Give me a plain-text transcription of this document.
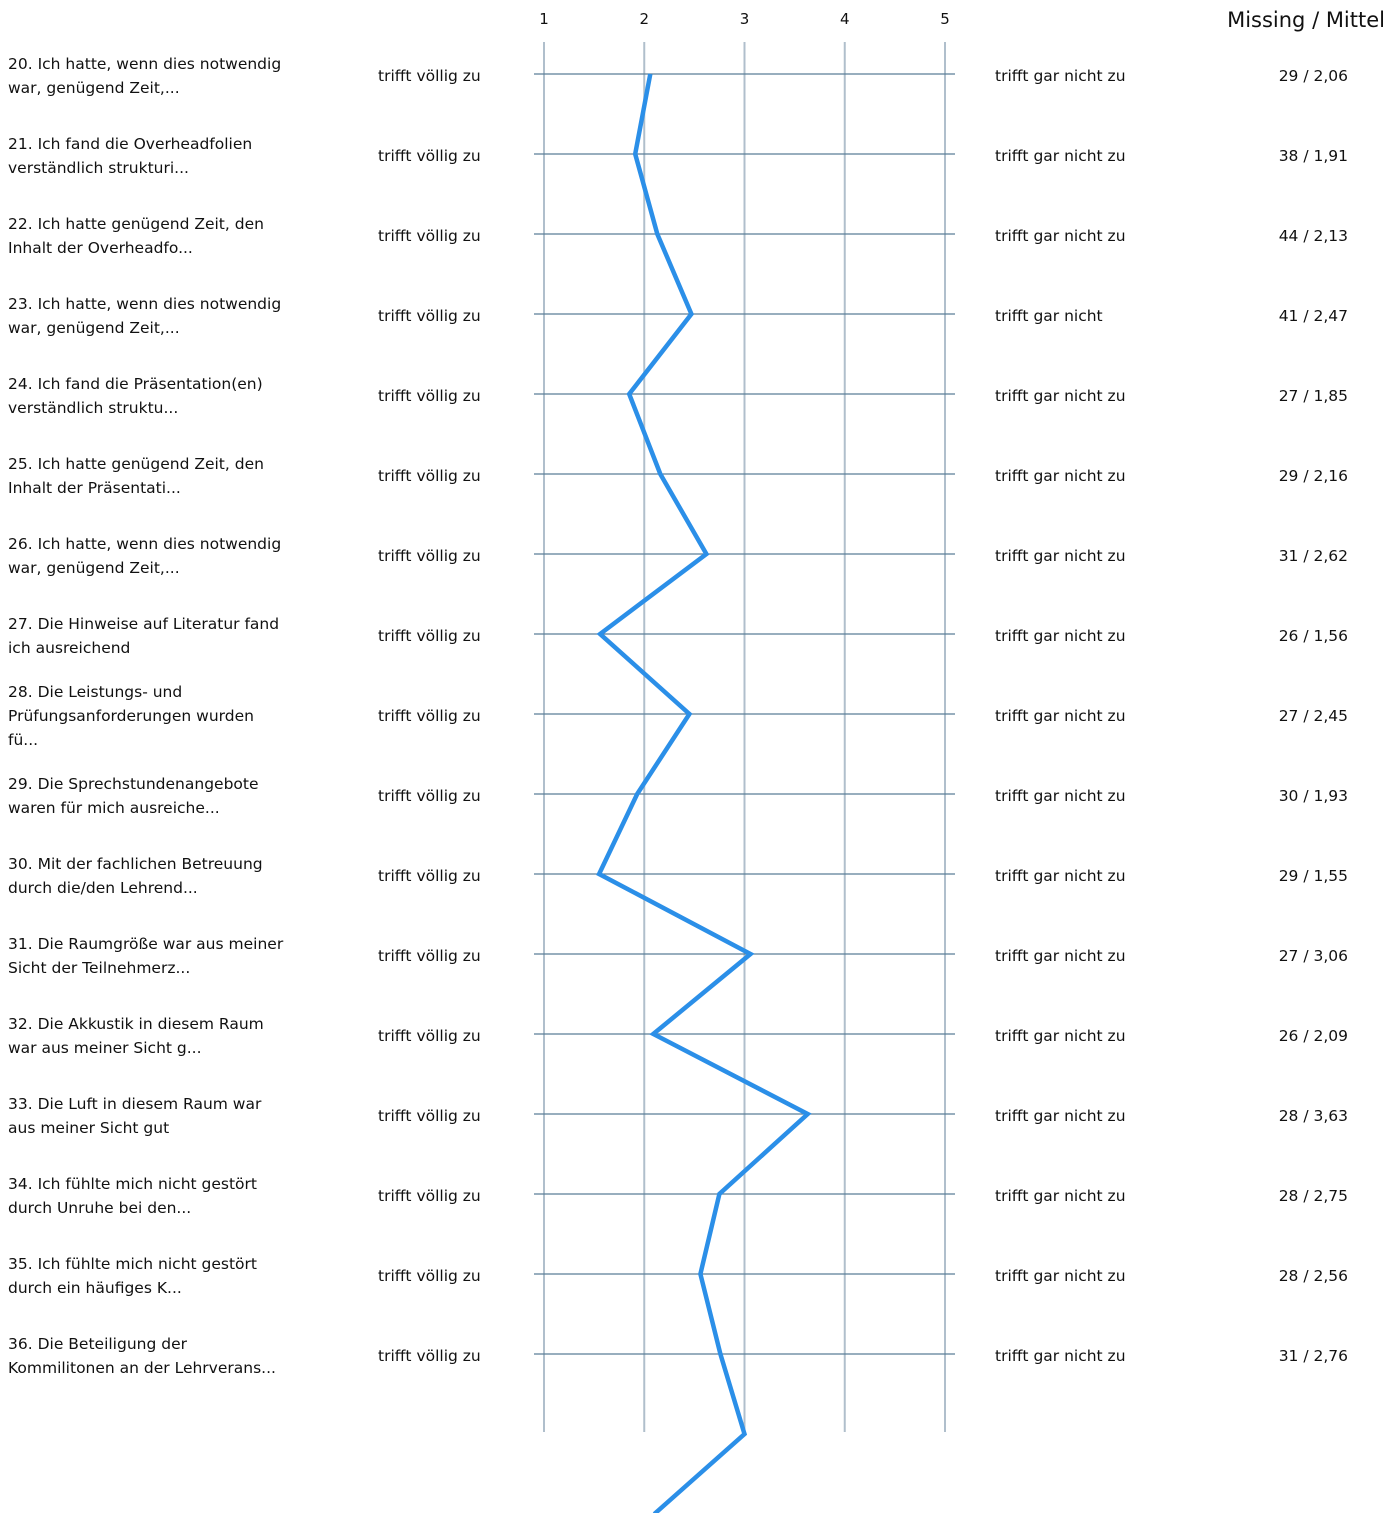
20. Ich hatte, wenn dies notwendig war, genügend Zeit,...
trifft völlig zu	trifft gar nicht zu	29 / 2,06
21. Ich fand die Overheadfolien verständlich strukturi...
trifft völlig zu	trifft gar nicht zu	38 / 1,91
22. Ich hatte genügend Zeit, den Inhalt der Overheadfo...
trifft völlig zu	trifft gar nicht zu	44 / 2,13
23. Ich hatte, wenn dies notwendig war, genügend Zeit,...
trifft völlig zu	trifft gar nicht	41 / 2,47
24. Ich fand die Präsentation(en) verständlich struktu...
trifft völlig zu	trifft gar nicht zu	27 / 1,85
25. Ich hatte genügend Zeit, den Inhalt der Präsentati...
trifft völlig zu	trifft gar nicht zu	29 / 2,16
26. Ich hatte, wenn dies notwendig war, genügend Zeit,...
trifft völlig zu	trifft gar nicht zu	31 / 2,62
27. Die Hinweise auf Literatur fand ich ausreichend
trifft völlig zu	trifft gar nicht zu	26 / 1,56
28. Die Leistungs- und Prüfungsanforderungen wurden fü...
trifft völlig zu	trifft gar nicht zu	27 / 2,45
29. Die Sprechstundenangebote waren für mich ausreiche...
trifft völlig zu	trifft gar nicht zu	30 / 1,93
30. Mit der fachlichen Betreuung durch die/den Lehrend...
trifft völlig zu	trifft gar nicht zu	29 / 1,55
31. Die Raumgröße war aus meiner Sicht der Teilnehmerz...
trifft völlig zu	trifft gar nicht zu	27 / 3,06
32. Die Akkustik in diesem Raum war aus meiner Sicht g...
trifft völlig zu	trifft gar nicht zu	26 / 2,09
33. Die Luft in diesem Raum war aus meiner Sicht gut
trifft völlig zu	trifft gar nicht zu	28 / 3,63
34. Ich fühlte mich nicht gestört durch Unruhe bei den...
trifft völlig zu	trifft gar nicht zu	28 / 2,75
35. Ich fühlte mich nicht gestört durch ein häufiges K...
trifft völlig zu	trifft gar nicht zu	28 / 2,56
36. Die Beteiligung der Kommilitonen an der Lehrverans...
trifft völlig zu	trifft gar nicht zu	31 / 2,76
1	2	3	4	5	Missing / Mittel
